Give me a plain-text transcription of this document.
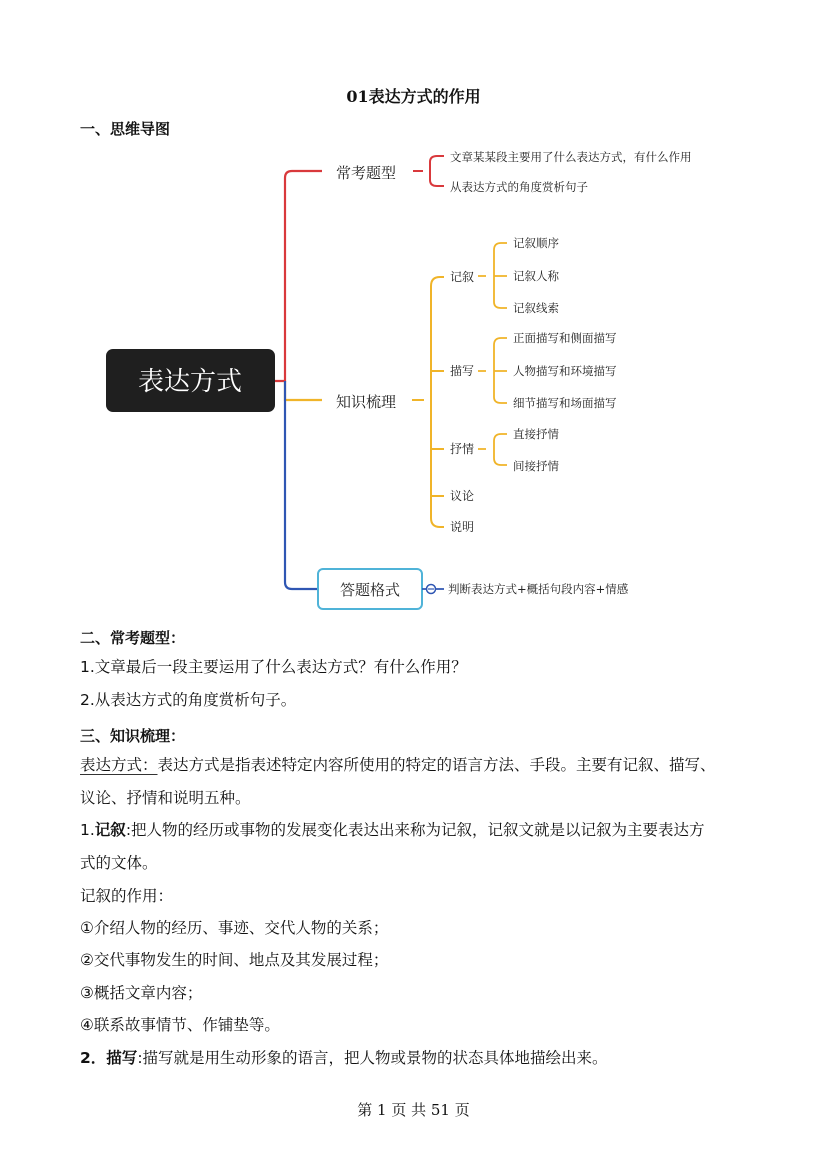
01表达方式的作用
一、思维导图
表达方式
常考题型
文章某某段主要用了什么表达方式，有什么作用
从表达方式的角度赏析句子
知识梳理
记叙
记叙顺序
记叙人称
记叙线索
描写
正面描写和侧面描写
人物描写和环境描写
细节描写和场面描写
抒情
直接抒情
间接抒情
议论
说明
答题格式	判断表达方式+概括句段内容+情感
二、常考题型：
1.文章最后一段主要运用了什么表达方式？有什么作用？
2.从表达方式的角度赏析句子。
三、知识梳理：
表达方式：表达方式是指表述特定内容所使用的特定的语言方法、手段。主要有记叙、描写、
议论、抒情和说明五种。
1.记叙:把人物的经历或事物的发展变化表达出来称为记叙，记叙文就是以记叙为主要表达方
式的文体。
记叙的作用：
①介绍人物的经历、事迹、交代人物的关系；
②交代事物发生的时间、地点及其发展过程；
③概括文章内容；
④联系故事情节、作铺垫等。
2．描写:描写就是用生动形象的语言，把人物或景物的状态具体地描绘出来。
第 1 页 共 51 页
